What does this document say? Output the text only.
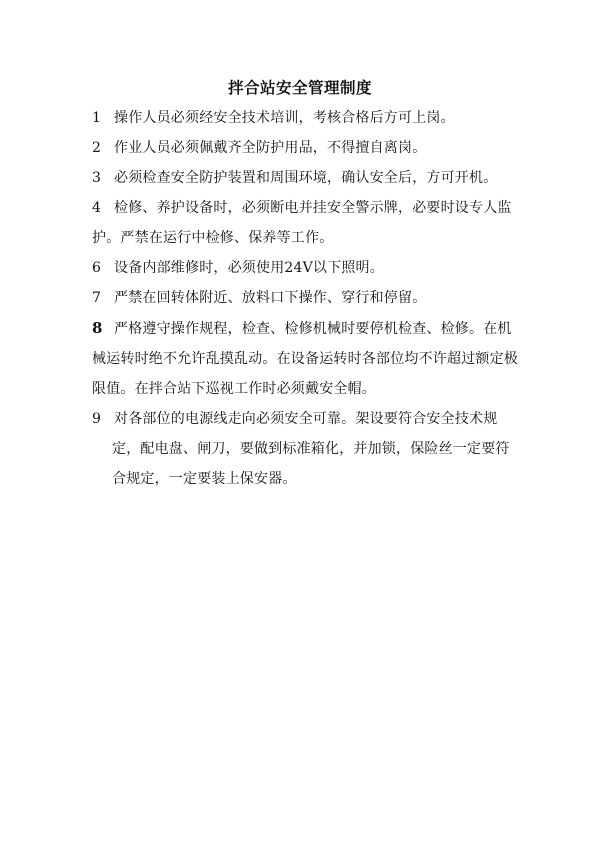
拌合站安全管理制度
1 操作人员必须经安全技术培训，考核合格后方可上岗。
2 作业人员必须佩戴齐全防护用品，不得擅自离岗。
3 必须检查安全防护装置和周围环境，确认安全后，方可开机。
4 检修、养护设备时，必须断电并挂安全警示牌，必要时设专人监
护。严禁在运行中检修、保养等工作。
6 设备内部维修时，必须使用24V以下照明。
7 严禁在回转体附近、放料口下操作、穿行和停留。
8 严格遵守操作规程，检查、检修机械时要停机检查、检修。在机
械运转时绝不允许乱摸乱动。在设备运转时各部位均不许超过额定极
限值。在拌合站下巡视工作时必须戴安全帽。
9 对各部位的电源线走向必须安全可靠。架设要符合安全技术规
定，配电盘、闸刀，要做到标准箱化，并加锁，保险丝一定要符
合规定，一定要装上保安器。
